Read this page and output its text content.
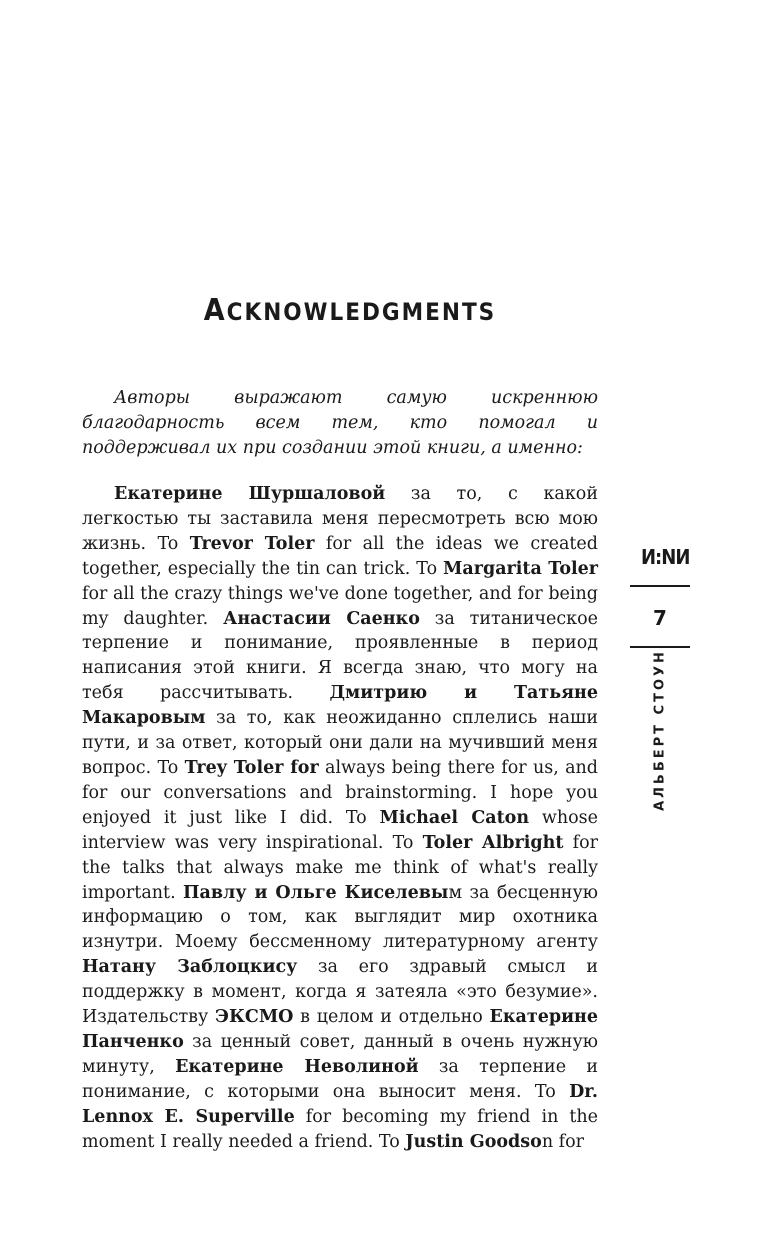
ACKNOWLEDGMENTS

Авторы выражают самую искреннюю благодарность всем тем, кто помогал и поддерживал их при создании этой книги, а именно:

Екатерине Шуршаловой за то, с какой легкостью ты заставила меня пересмотреть всю мою жизнь. To Trevor Toler for all the ideas we created together, especially the tin can trick. To Margarita Toler for all the crazy things we've done together, and for being my daughter. Анастасии Саенко за титаническое терпение и понимание, проявленные в период написания этой книги. Я всегда знаю, что могу на тебя рассчитывать. Дмитрию и Татьяне Макаровым за то, как неожиданно сплелись наши пути, и за ответ, который они дали на мучивший меня вопрос. To Trey Toler for always being there for us, and for our conversations and brainstorming. I hope you enjoyed it just like I did. To Michael Caton whose interview was very inspirational. To Toler Albright for the talks that always make me think of what's really important. Павлу и Ольге Киселевым за бесценную информацию о том, как выглядит мир охотника изнутри. Моему бессменному литературному агенту Натану Заблоцкису за его здравый смысл и поддержку в момент, когда я затеяла «это безумие». Издательству ЭКСМО в целом и отдельно Екатерине Панченко за ценный совет, данный в очень нужную минуту, Екатерине Неволиной за терпение и понимание, с которыми она выносит меня. To Dr. Lennox E. Superville for becoming my friend in the moment I really needed a friend. To Justin Goodson for

И:NИ
7
АЛЬБЕРТ СТОУН
